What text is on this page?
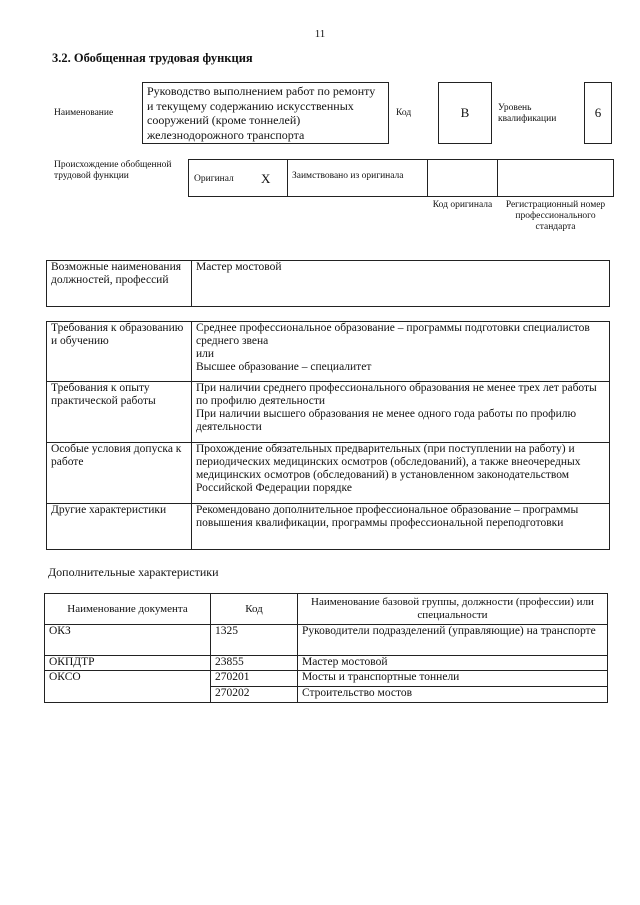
11
3.2. Обобщенная трудовая функция
Наименование
Руководство выполнением работ по ремонту и текущему содержанию искусственных сооружений (кроме тоннелей) железнодорожного транспорта
Код	B	Уровень квалификации	6
Происхождение обобщенной трудовой функции	Оригинал X	Заимствовано из оригинала
Код оригинала	Регистрационный номер профессионального стандарта
Возможные наименования должностей, профессий	Мастер мостовой
Требования к образованию и обучению	Среднее профессиональное образование – программы подготовки специалистов среднего звена
или
Высшее образование – специалитет

Требования к опыту практической работы	При наличии среднего профессионального образования не менее трех лет работы по профилю деятельности
При наличии высшего образования не менее одного года работы по профилю деятельности

Особые условия допуска к работе	Прохождение обязательных предварительных (при поступлении на работу) и периодических медицинских осмотров (обследований), а также внеочередных медицинских осмотров (обследований) в установленном законодательством Российской Федерации порядке

Другие характеристики	Рекомендовано дополнительное профессиональное образование – программы повышения квалификации, программы профессиональной переподготовки
Дополнительные характеристики
Наименование документа	Код	Наименование базовой группы, должности (профессии) или специальности
ОКЗ	1325	Руководители подразделений (управляющие) на транспорте
ОКПДТР	23855	Мастер мостовой
ОКСО	270201	Мосты и транспортные тоннели
	270202	Строительство мостов
